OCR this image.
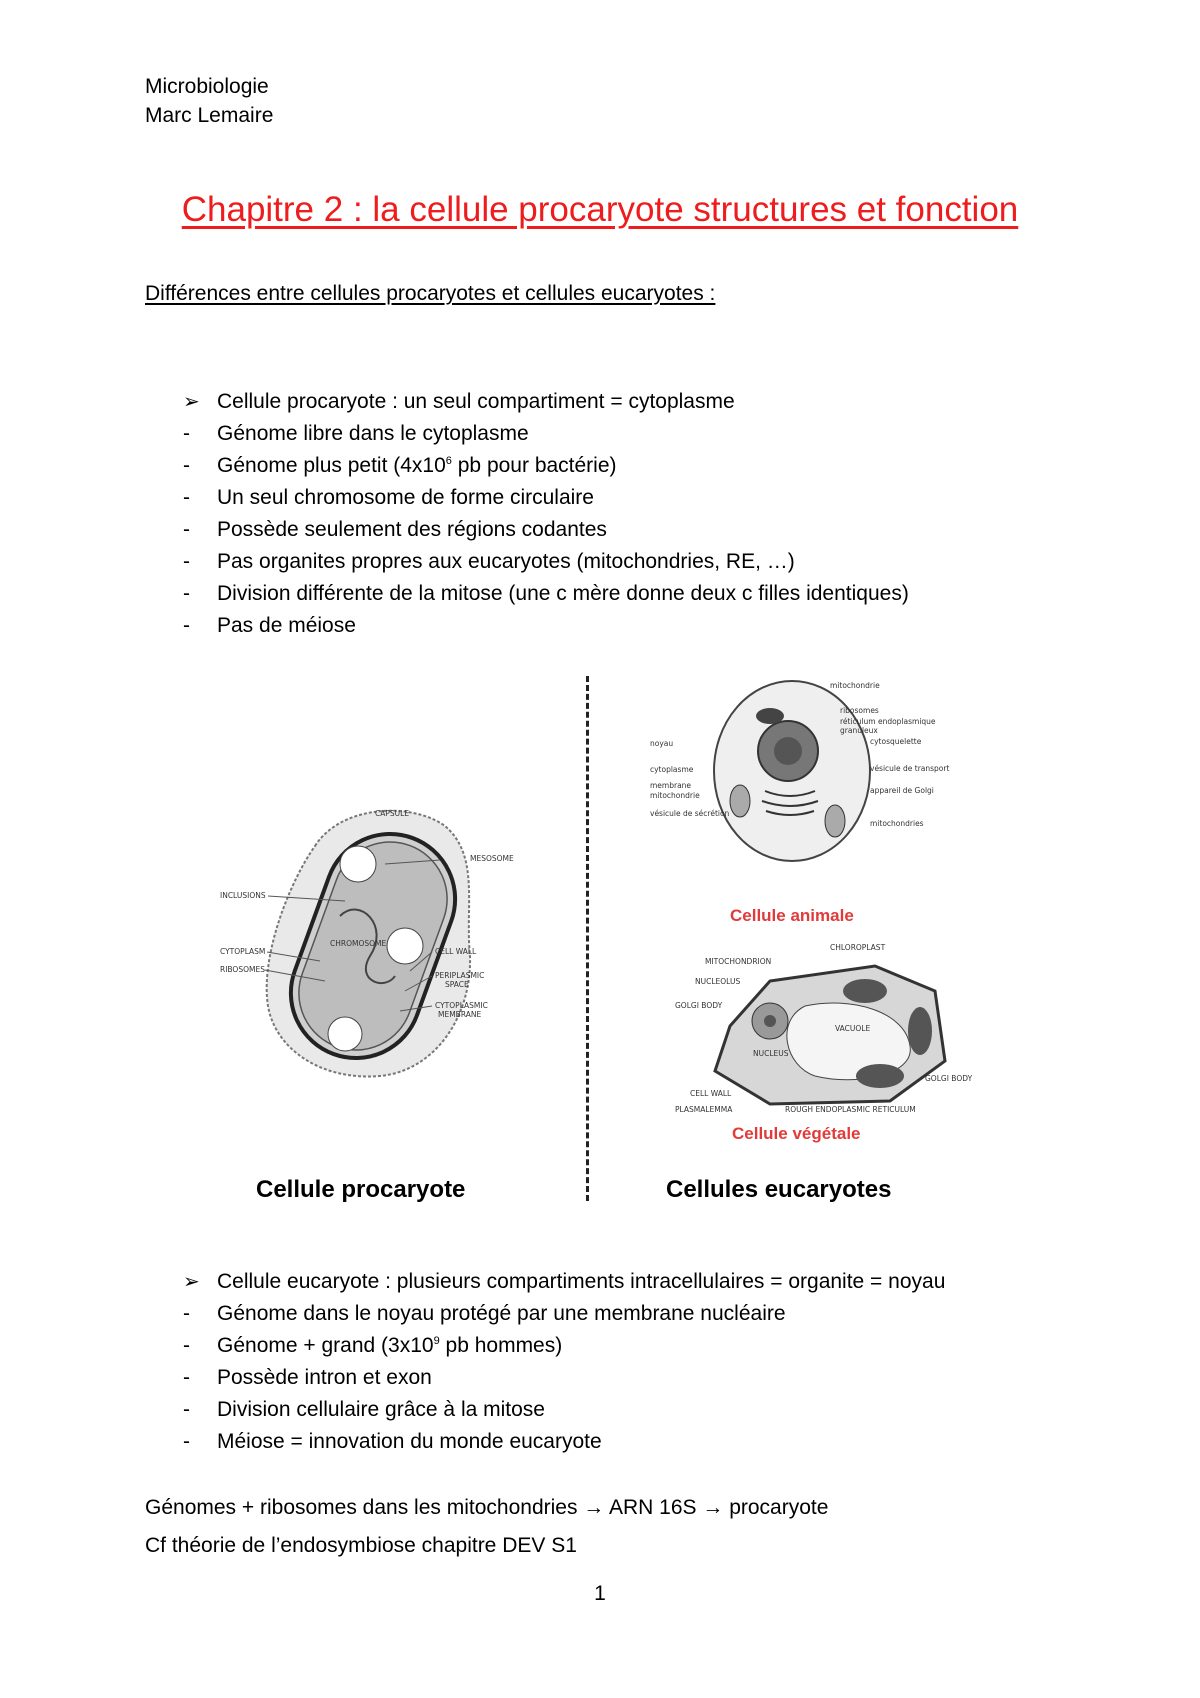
Microbiologie
Marc Lemaire
Chapitre 2 : la cellule procaryote structures et fonction
Différences entre cellules procaryotes et cellules eucaryotes :
➢ Cellule procaryote : un seul compartiment = cytoplasme
-	Génome libre dans le cytoplasme
-	Génome plus petit ($4x10^6$ pb pour bactérie)
-	Un seul chromosome de forme circulaire
-	Possède seulement des régions codantes
-	Pas organites propres aux eucaryotes (mitochondries, RE, …)
-	Division différente de la mitose (une c mère donne deux c filles identiques)
-	Pas de méiose
CAPSULE
MESOSOME
INCLUSIONS
CHROMOSOME
CYTOPLASM	CELL WALL
RIBOSOMES
PERIPLASMIC
SPACE
CYTOPLASMIC
MEMBRANE
mitochondrie
ribosomes
réticulum endoplasmique
granuleux
cytosquelette
noyau
cytoplasme
membrane
mitochondrie
vésicule de transport
appareil de Golgi
vésicule de sécrétion
mitochondries
Cellule animale
CHLOROPLAST
MITOCHONDRION
NUCLEOLUS
GOLGI BODY
VACUOLE
NUCLEUS
GOLGI BODY
CELL WALL
PLASMALEMMA	ROUGH ENDOPLASMIC RETICULUM
Cellule végétale
Cellule procaryote	Cellules eucaryotes
➢ Cellule eucaryote : plusieurs compartiments intracellulaires = organite = noyau
-	Génome dans le noyau protégé par une membrane nucléaire
-	Génome + grand ($3x10^9$ pb hommes)
-	Possède intron et exon
-	Division cellulaire grâce à la mitose
-	Méiose = innovation du monde eucaryote
Génomes + ribosomes dans les mitochondries → ARN 16S → procaryote
Cf théorie de l’endosymbiose chapitre DEV S1
1
